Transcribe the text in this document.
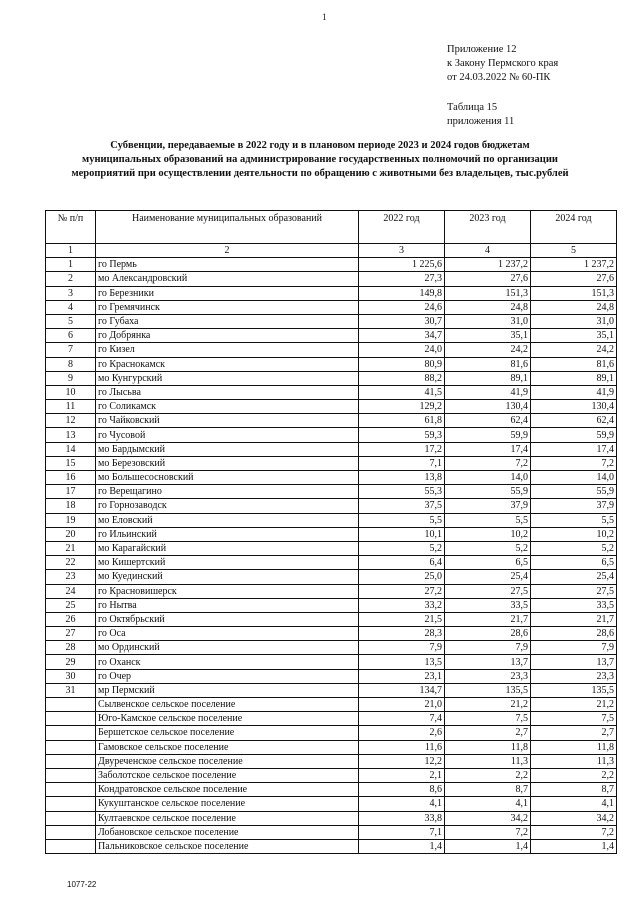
1
Приложение 12
к Закону Пермского края
от 24.03.2022 № 60-ПК
Таблица 15
приложения 11
Субвенции, передаваемые в 2022 году и в плановом периоде 2023 и 2024 годов бюджетам
муниципальных образований на администрирование государственных полномочий по организации
мероприятий при осуществлении деятельности по обращению с животными без владельцев, тыс.рублей
№ п/п	Наименование муниципальных образований	2022 год	2023 год	2024 год
1	2	3	4	5
1	го Пермь	1 225,6	1 237,2	1 237,2
2	мо Александровский	27,3	27,6	27,6
3	го Березники	149,8	151,3	151,3
4	го Гремячинск	24,6	24,8	24,8
5	го Губаха	30,7	31,0	31,0
6	го Добрянка	34,7	35,1	35,1
7	го Кизел	24,0	24,2	24,2
8	го Краснокамск	80,9	81,6	81,6
9	мо Кунгурский	88,2	89,1	89,1
10	го Лысьва	41,5	41,9	41,9
11	го Соликамск	129,2	130,4	130,4
12	го Чайковский	61,8	62,4	62,4
13	го Чусовой	59,3	59,9	59,9
14	мо Бардымский	17,2	17,4	17,4
15	мо Березовский	7,1	7,2	7,2
16	мо Большесосновский	13,8	14,0	14,0
17	го Верещагино	55,3	55,9	55,9
18	го Горнозаводск	37,5	37,9	37,9
19	мо Еловский	5,5	5,5	5,5
20	го Ильинский	10,1	10,2	10,2
21	мо Карагайский	5,2	5,2	5,2
22	мо Кишертский	6,4	6,5	6,5
23	мо Куединский	25,0	25,4	25,4
24	го Красновишерск	27,2	27,5	27,5
25	го Нытва	33,2	33,5	33,5
26	го Октябрьский	21,5	21,7	21,7
27	го Оса	28,3	28,6	28,6
28	мо Ординский	7,9	7,9	7,9
29	го Оханск	13,5	13,7	13,7
30	го Очер	23,1	23,3	23,3
31	мр Пермский	134,7	135,5	135,5
	Сылвенское сельское поселение	21,0	21,2	21,2
	Юго-Камское сельское поселение	7,4	7,5	7,5
	Бершетское сельское поселение	2,6	2,7	2,7
	Гамовское сельское поселение	11,6	11,8	11,8
	Двуреченское сельское поселение	12,2	11,3	11,3
	Заболотское сельское поселение	2,1	2,2	2,2
	Кондратовское сельское поселение	8,6	8,7	8,7
	Кукуштанское сельское поселение	4,1	4,1	4,1
	Култаевское сельское поселение	33,8	34,2	34,2
	Лобановское сельское поселение	7,1	7,2	7,2
	Пальниковское сельское поселение	1,4	1,4	1,4
1077-22
